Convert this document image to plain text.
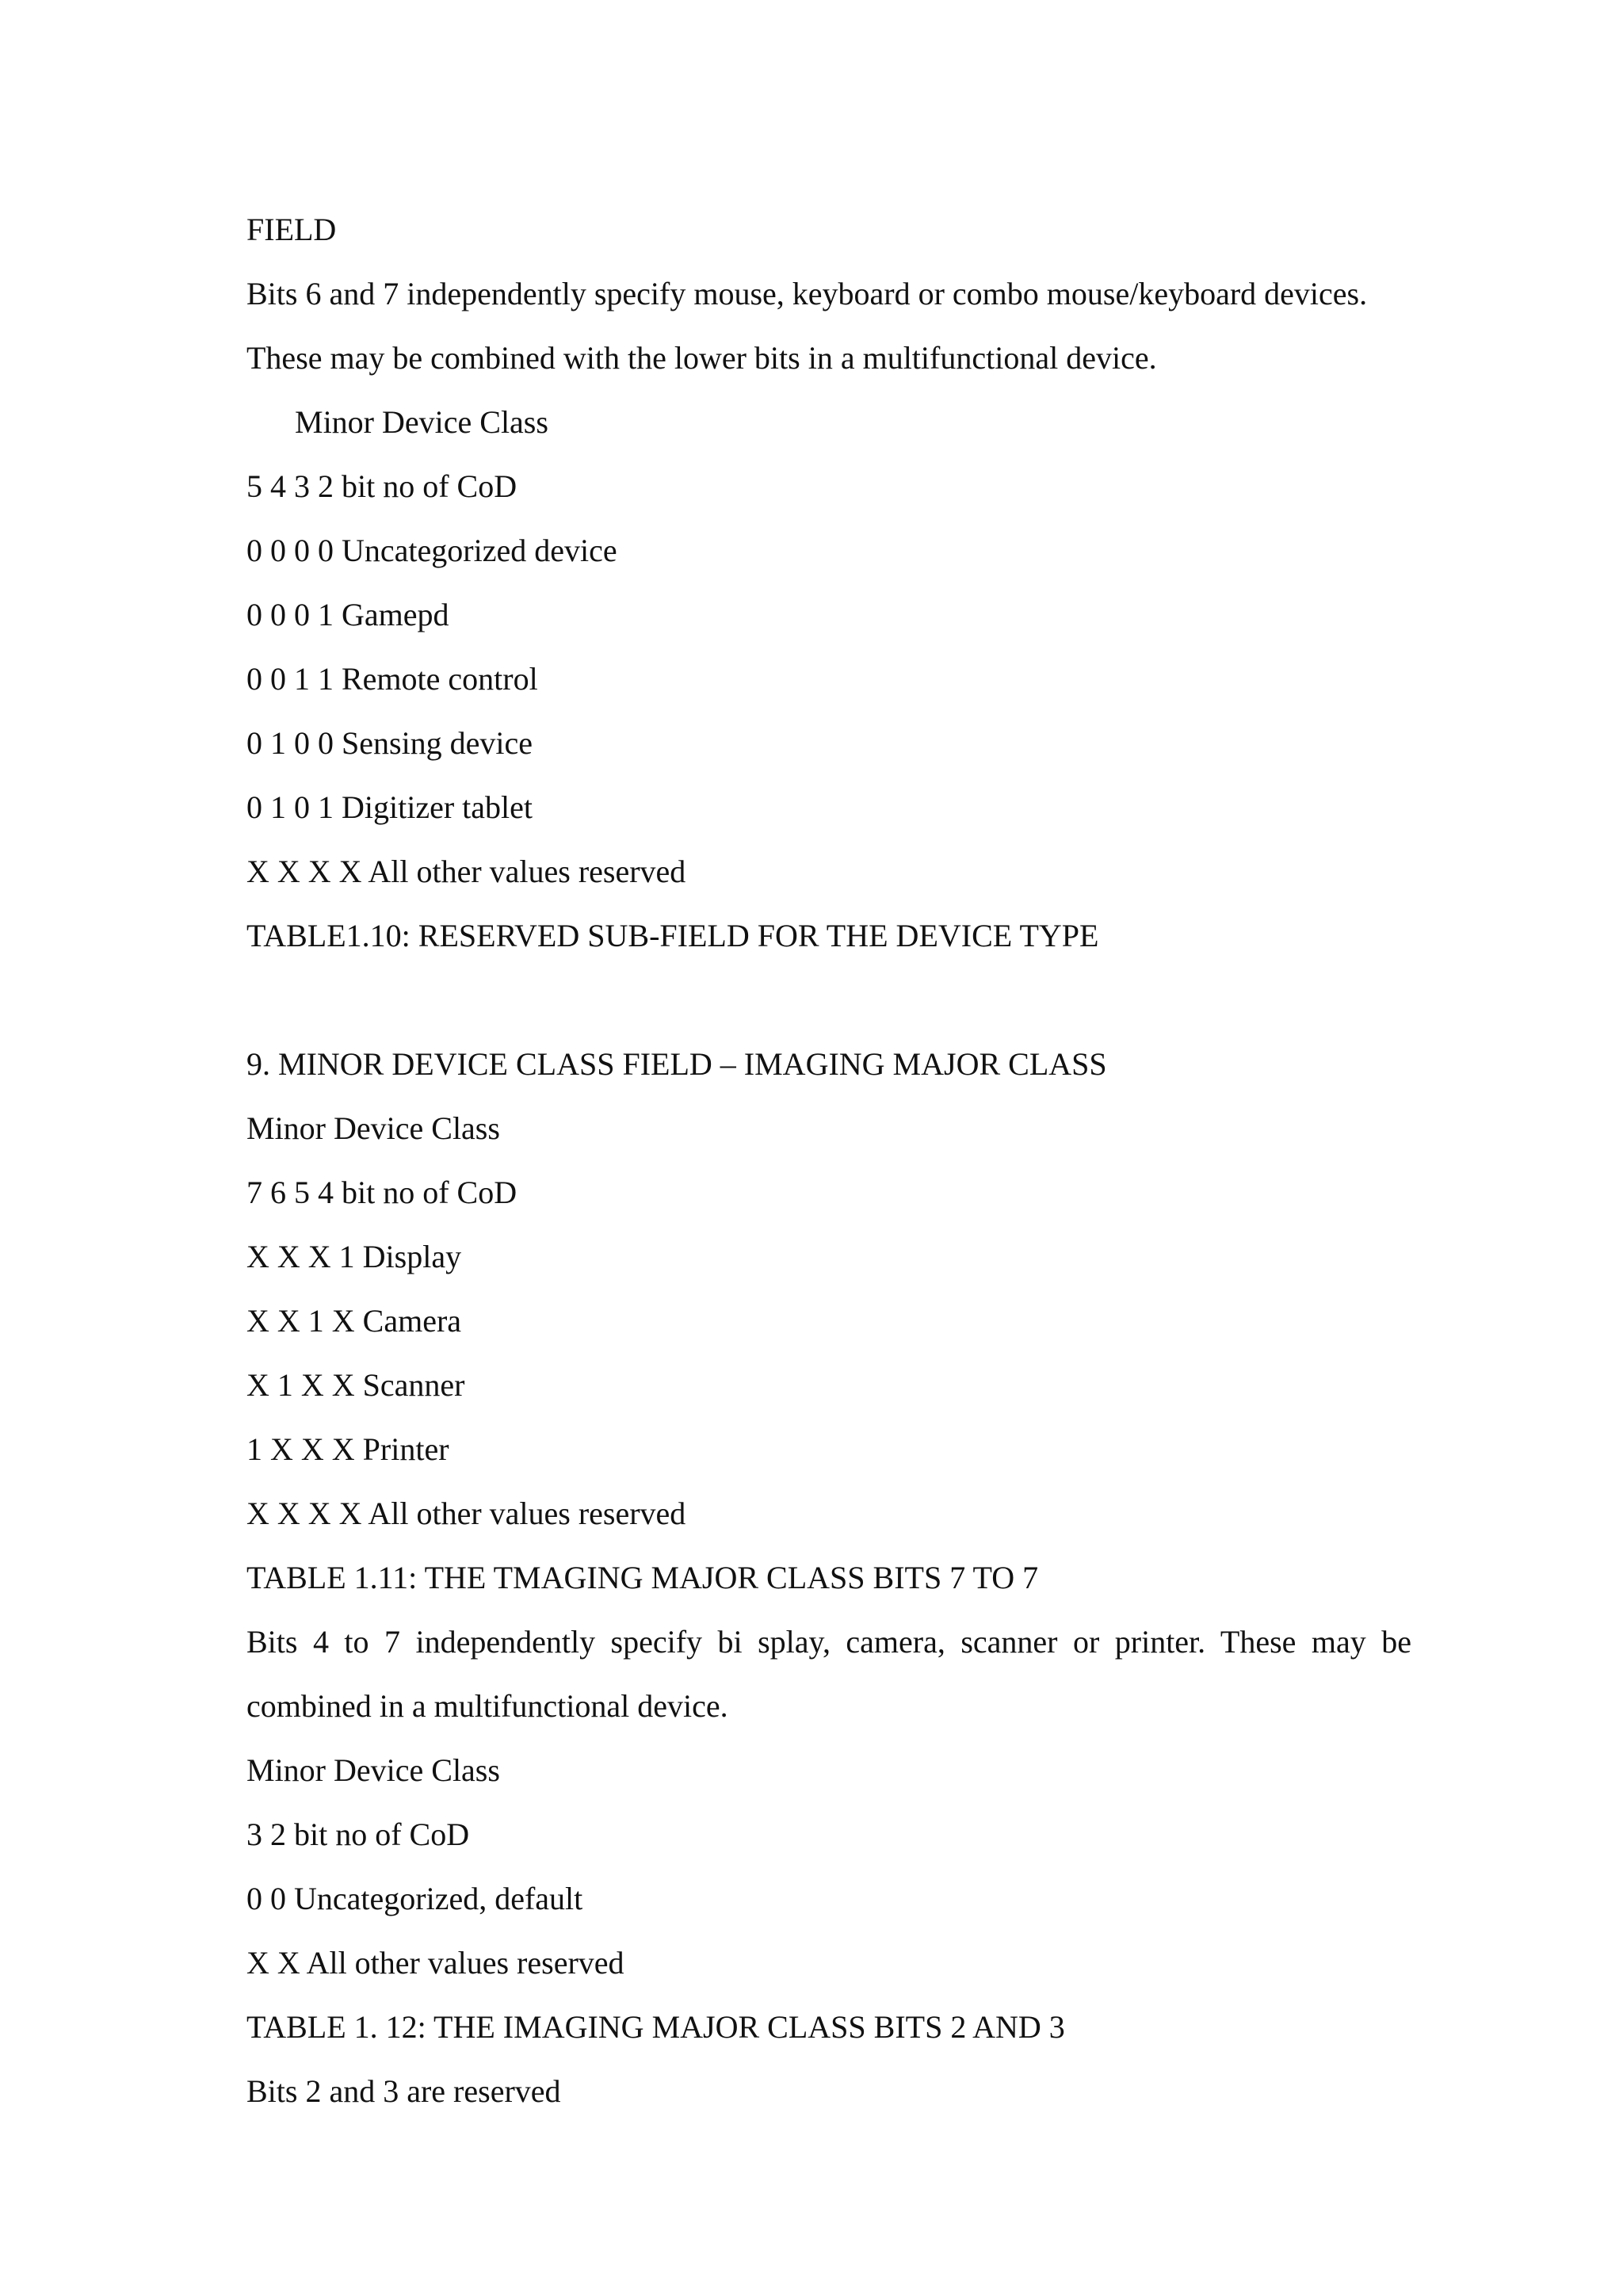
FIELD
Bits 6 and 7 independently specify mouse, keyboard or combo mouse/keyboard devices.
These may be combined with the lower bits in a multifunctional device.
Minor Device Class
5 4 3 2 bit no of CoD
0 0 0 0 Uncategorized device
0 0 0 1 Gamepd
0 0 1 1 Remote control
0 1 0 0 Sensing device
0 1 0 1 Digitizer tablet
X X X X All other values reserved
TABLE1.10: RESERVED SUB-FIELD FOR THE DEVICE TYPE
9. MINOR DEVICE CLASS FIELD – IMAGING MAJOR CLASS
Minor Device Class
7 6 5 4 bit no of CoD
X X X 1 Display
X X 1 X Camera
X 1 X X Scanner
1 X X X Printer
X X X X All other values reserved
TABLE 1.11: THE TMAGING MAJOR CLASS BITS 7 TO 7
Bits 4 to 7 independently specify bi splay, camera, scanner or printer. These may be
combined in a multifunctional device.
Minor Device Class
3 2 bit no of CoD
0 0 Uncategorized, default
X X All other values reserved
TABLE 1. 12: THE IMAGING MAJOR CLASS BITS 2 AND 3
Bits 2 and 3 are reserved
